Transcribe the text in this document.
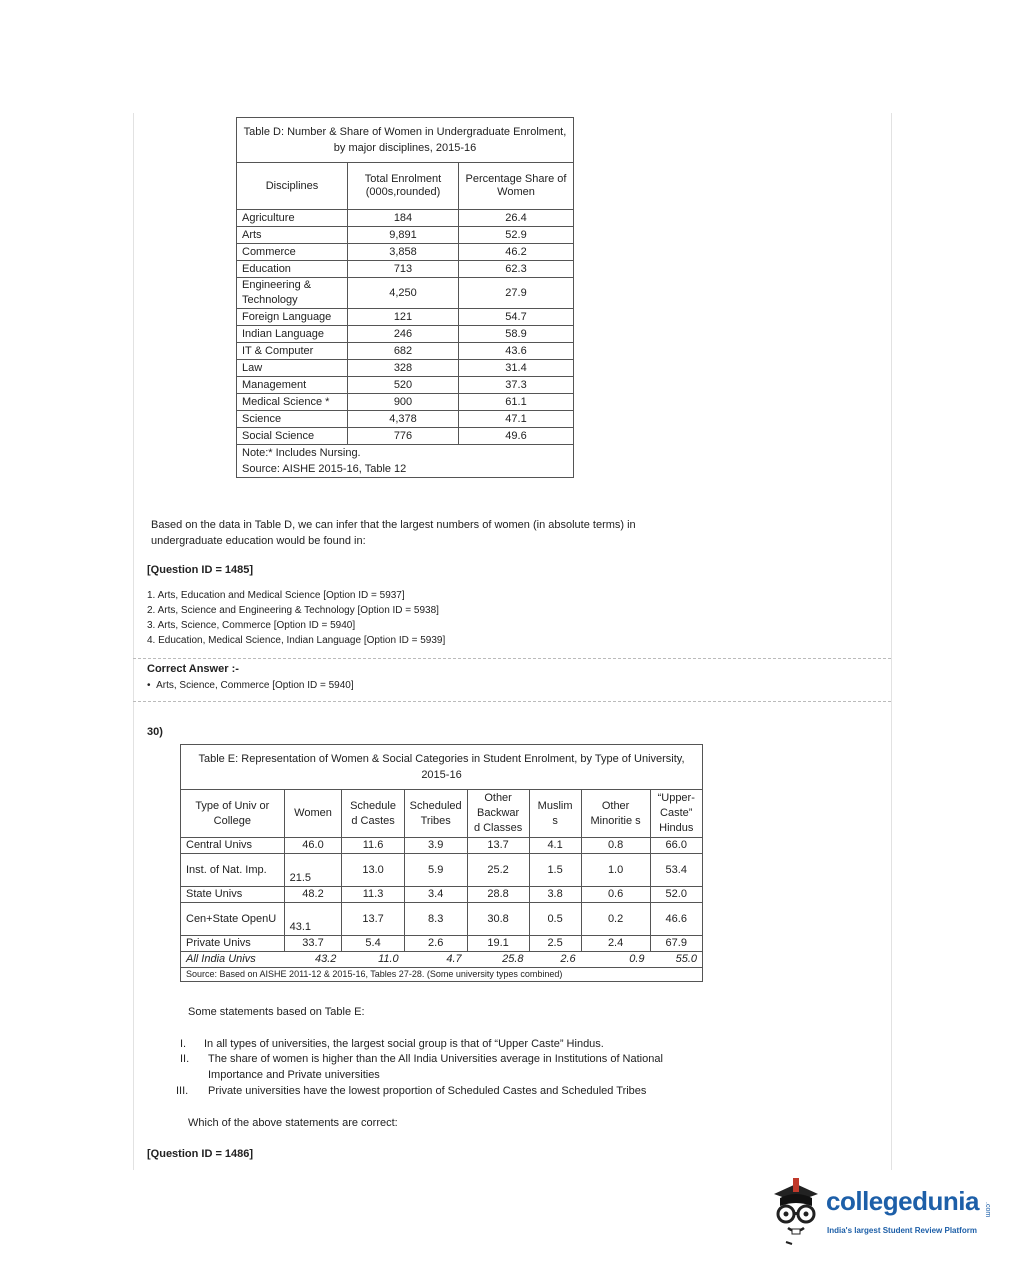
Table D: Number & Share of Women in Undergraduate Enrolment, by major disciplines, 2015-16		
Disciplines	Total Enrolment (000s,rounded)	Percentage Share of Women
Agriculture	184	26.4
Arts	9,891	52.9
Commerce	3,858	46.2
Education	713	62.3
Engineering & Technology	4,250	27.9
Foreign Language	121	54.7
Indian Language	246	58.9
IT & Computer	682	43.6
Law	328	31.4
Management	520	37.3
Medical Science *	900	61.1
Science	4,378	47.1
Social Science	776	49.6

Note:* Includes Nursing.
Source: AISHE 2015-16, Table 12		
Based on the data in Table D, we can infer that the largest numbers of women (in absolute terms) in undergraduate education would be found in:
[Question ID = 1485]
1. Arts, Education and Medical Science [Option ID = 5937]
2. Arts, Science and Engineering & Technology [Option ID = 5938]
3. Arts, Science, Commerce [Option ID = 5940]
4. Education, Medical Science, Indian Language [Option ID = 5939]
Correct Answer :-
•  Arts, Science, Commerce [Option ID = 5940]
30)
Table E: Representation of Women & Social Categories in Student Enrolment, by Type of University, 2015-16							
Type of Univ or College	Women	Schedule d Castes	Scheduled Tribes	Other Backwar d Classes	Muslim s	Other Minoritie s	“Upper-Caste” Hindus
Central Univs	46.0	11.6	3.9	13.7	4.1	0.8	66.0
Inst. of Nat. Imp.	21.5	13.0	5.9	25.2	1.5	1.0	53.4
State Univs	48.2	11.3	3.4	28.8	3.8	0.6	52.0
Cen+State OpenU	43.1	13.7	8.3	30.8	0.5	0.2	46.6
Private Univs	33.7	5.4	2.6	19.1	2.5	2.4	67.9
All India Univs	43.2	11.0	4.7	25.8	2.6	0.9	55.0
Source: Based on AISHE 2011-12 & 2015-16, Tables 27-28. (Some university types combined)							
Some statements based on Table E:
I. In all types of universities, the largest social group is that of “Upper Caste” Hindus.
II.	The share of women is higher than the All India Universities average in Institutions of National Importance and Private universities
III.	Private universities have the lowest proportion of Scheduled Castes and Scheduled Tribes
Which of the above statements are correct:
[Question ID = 1486]
collegedunia .com
India's largest Student Review Platform
